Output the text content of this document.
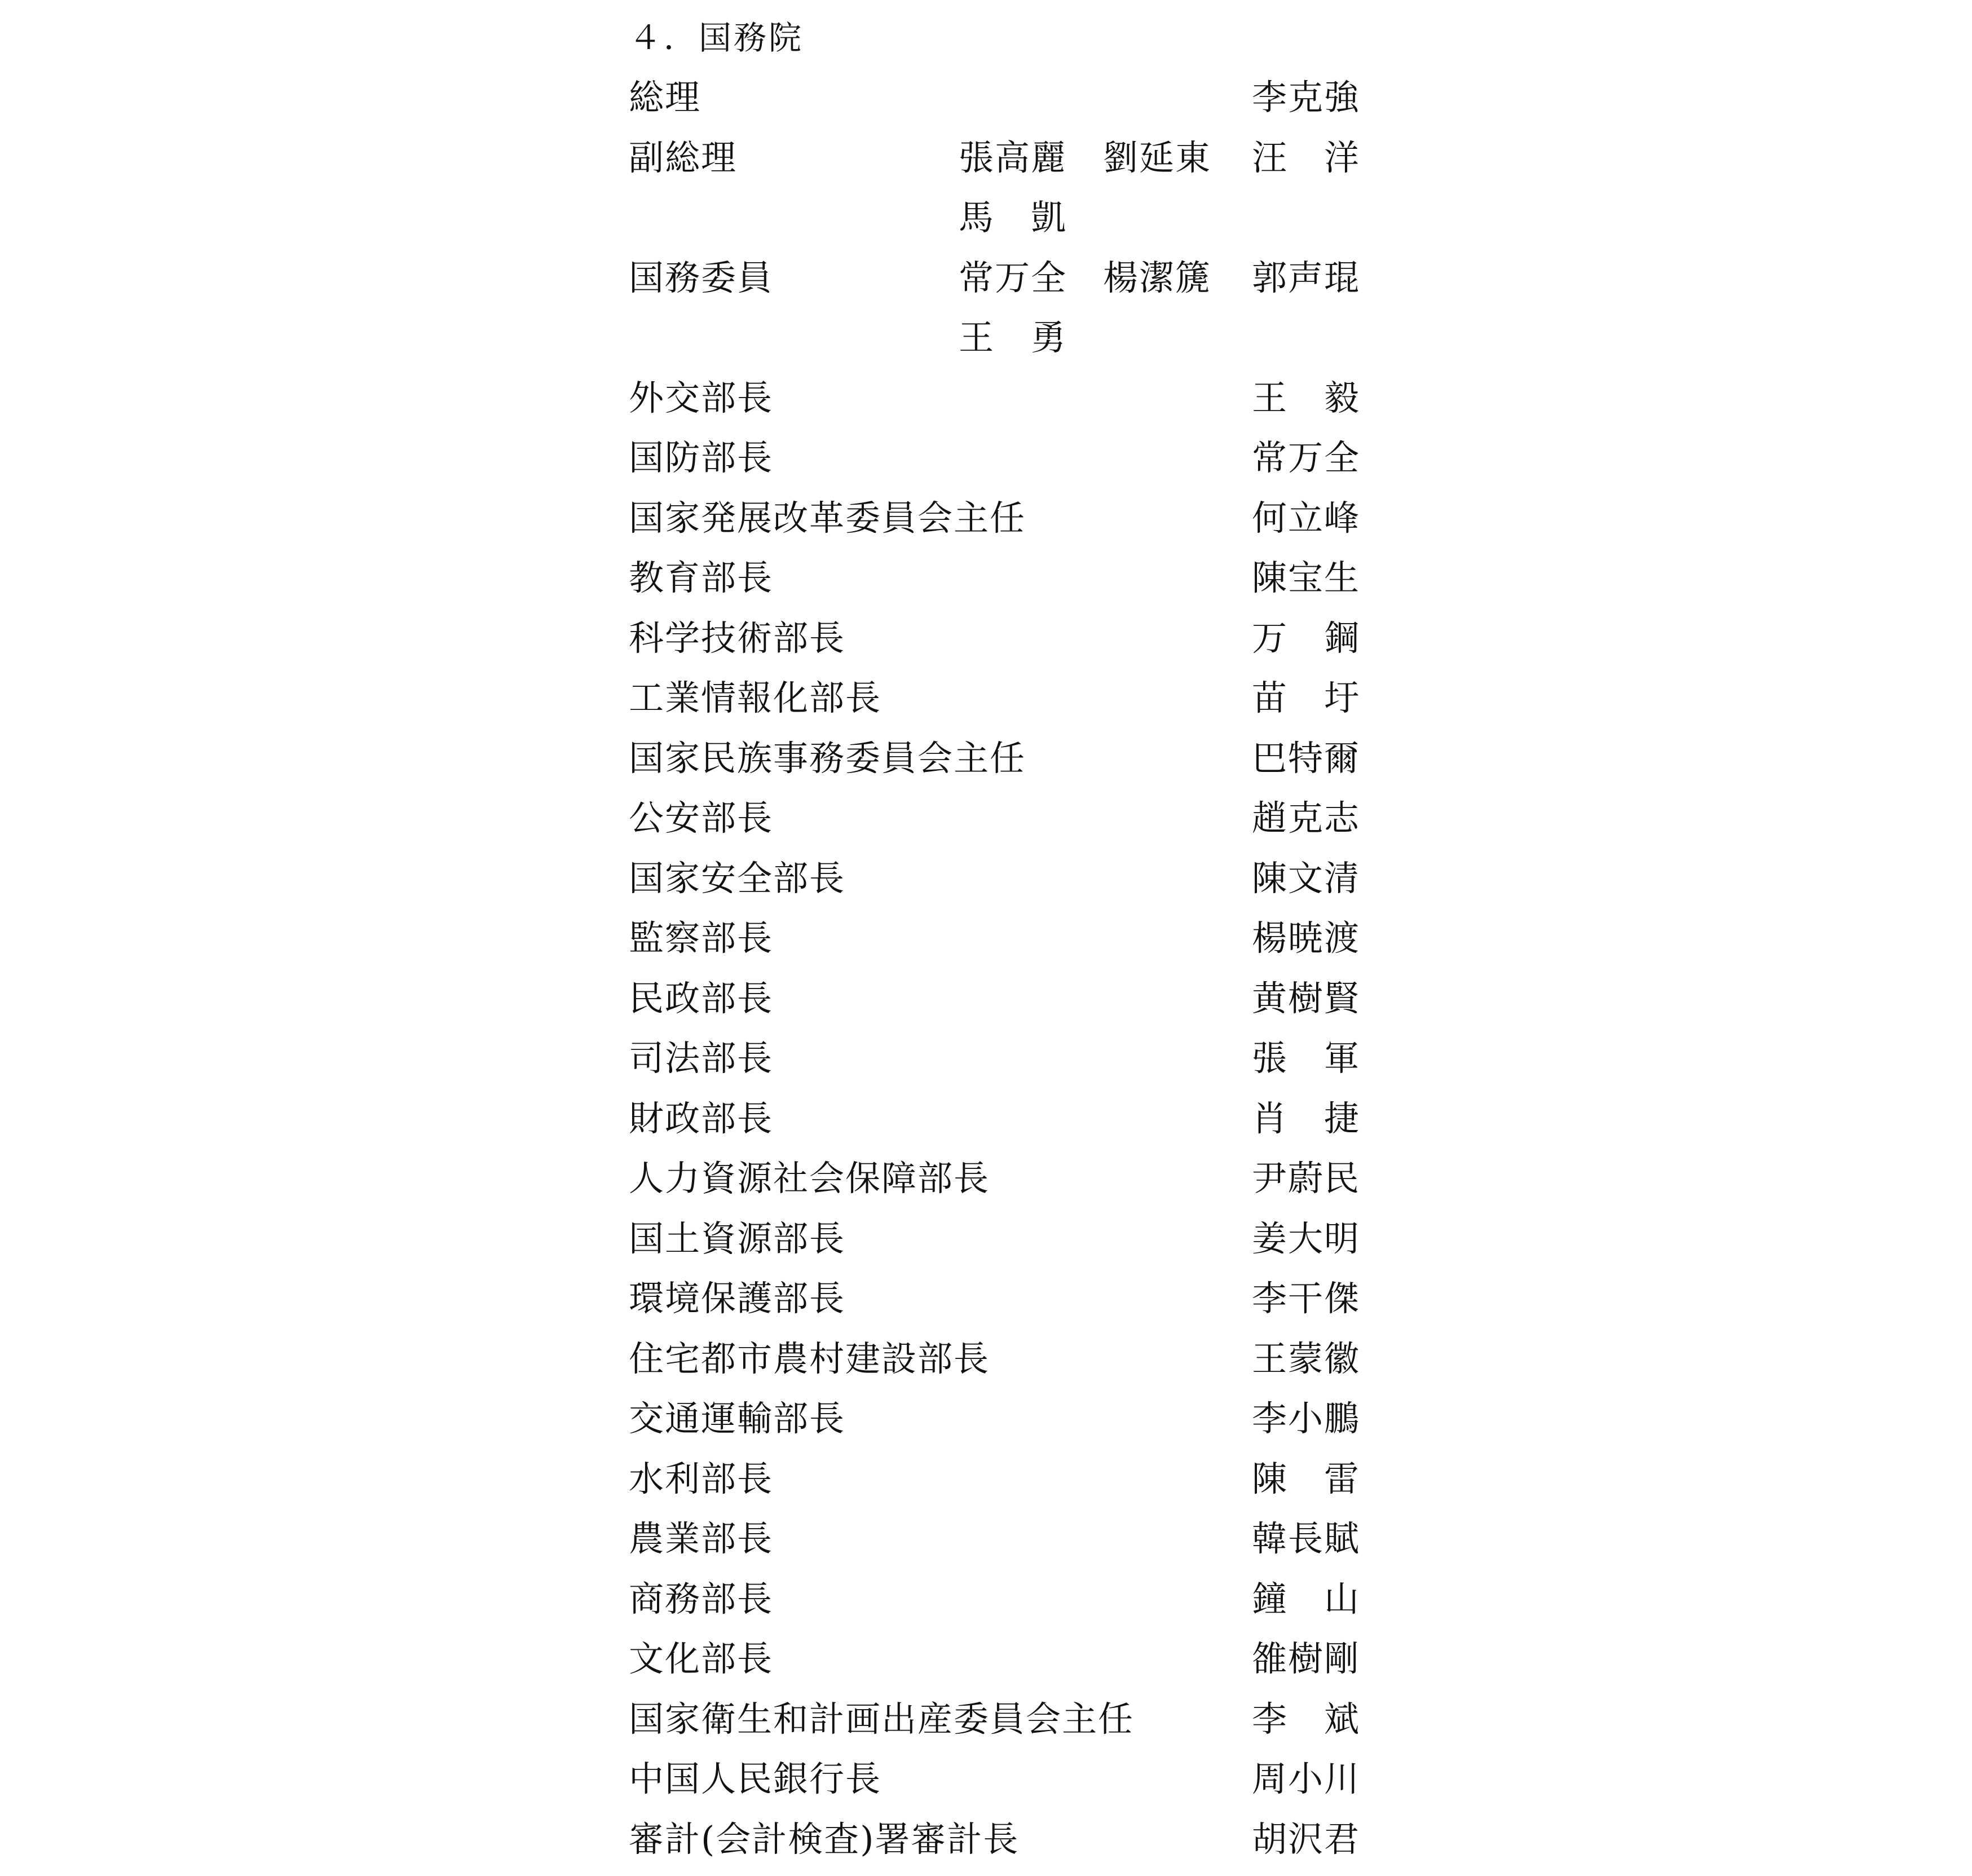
４．国務院
総理	李克強
副総理	張高麗　劉延東 汪　洋
馬　凱
国務委員	常万全　楊潔篪 郭声琨
王　勇
外交部長	王　毅
国防部長	常万全
国家発展改革委員会主任	何立峰
教育部長	陳宝生
科学技術部長	万　鋼
工業情報化部長	苗　圩
国家民族事務委員会主任	巴特爾
公安部長	趙克志
国家安全部長	陳文清
監察部長	楊暁渡
民政部長	黄樹賢
司法部長	張　軍
財政部長	肖　捷
人力資源社会保障部長	尹蔚民
国土資源部長	姜大明
環境保護部長	李干傑
住宅都市農村建設部長	王蒙徽
交通運輸部長	李小鵬
水利部長	陳　雷
農業部長	韓長賦
商務部長	鐘　山
文化部長	雒樹剛
国家衛生和計画出産委員会主任	李　斌
中国人民銀行長	周小川
審計(会計検査)署審計長	胡沢君
